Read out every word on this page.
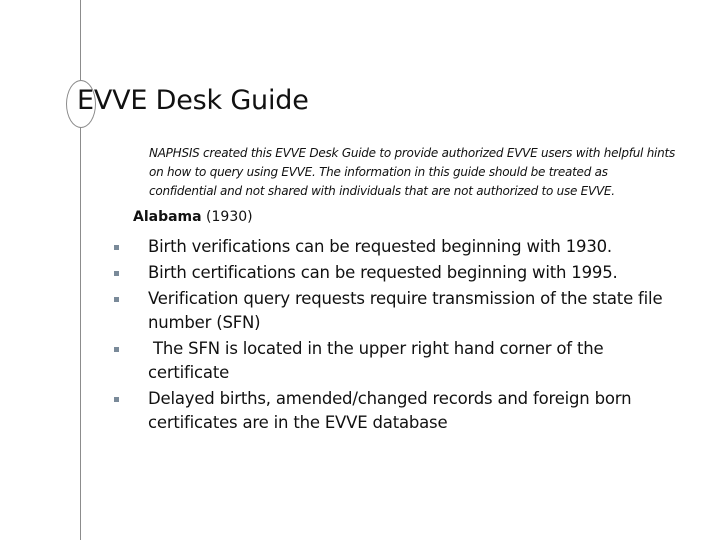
EVVE Desk Guide
NAPHSIS created this EVVE Desk Guide to provide authorized EVVE users with helpful hints on how to query using EVVE. The information in this guide should be treated as confidential and not shared with individuals that are not authorized to use EVVE.
Alabama (1930)
Birth verifications can be requested beginning with 1930.
Birth certifications can be requested beginning with 1995.
Verification query requests require transmission of the state file number (SFN)
The SFN is located in the upper right hand corner of the certificate
Delayed births, amended/changed records and foreign born certificates are in the EVVE database
